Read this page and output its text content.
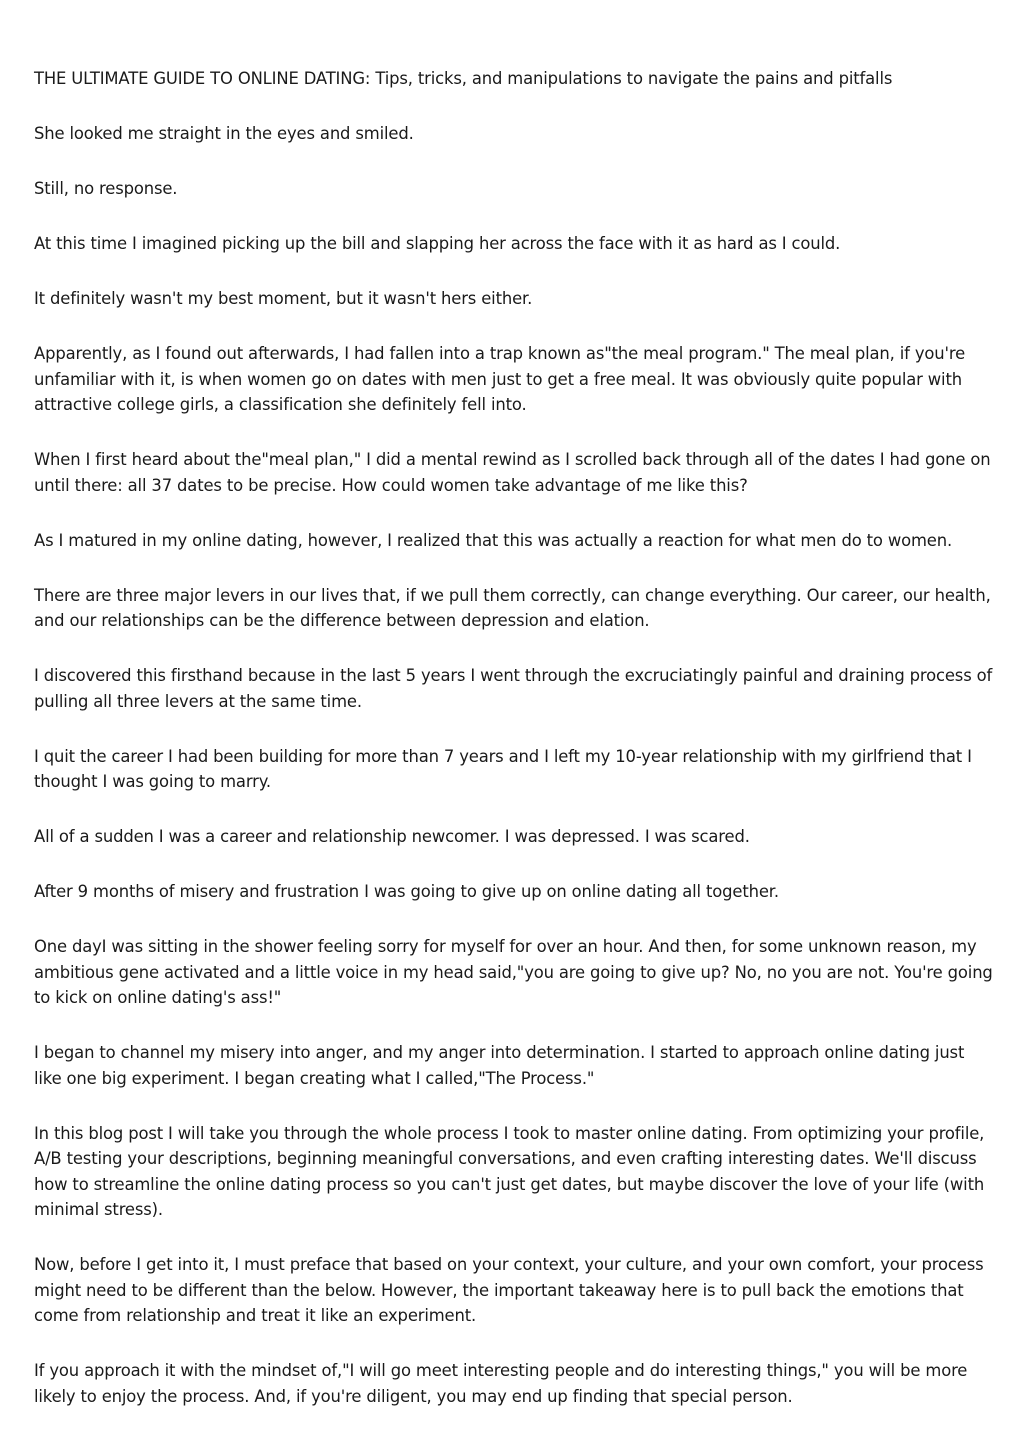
THE ULTIMATE GUIDE TO ONLINE DATING: Tips, tricks, and manipulations to navigate the pains and pitfalls

She looked me straight in the eyes and smiled.

Still, no response.

At this time I imagined picking up the bill and slapping her across the face with it as hard as I could.

It definitely wasn't my best moment, but it wasn't hers either.

Apparently, as I found out afterwards, I had fallen into a trap known as"the meal program." The meal plan, if you're unfamiliar with it, is when women go on dates with men just to get a free meal. It was obviously quite popular with attractive college girls, a classification she definitely fell into.

When I first heard about the"meal plan," I did a mental rewind as I scrolled back through all of the dates I had gone on until there: all 37 dates to be precise. How could women take advantage of me like this?

As I matured in my online dating, however, I realized that this was actually a reaction for what men do to women.

There are three major levers in our lives that, if we pull them correctly, can change everything. Our career, our health, and our relationships can be the difference between depression and elation.

I discovered this firsthand because in the last 5 years I went through the excruciatingly painful and draining process of pulling all three levers at the same time.

I quit the career I had been building for more than 7 years and I left my 10-year relationship with my girlfriend that I thought I was going to marry.

All of a sudden I was a career and relationship newcomer. I was depressed. I was scared.

After 9 months of misery and frustration I was going to give up on online dating all together.

One dayI was sitting in the shower feeling sorry for myself for over an hour. And then, for some unknown reason, my ambitious gene activated and a little voice in my head said,"you are going to give up? No, no you are not. You're going to kick on online dating's ass!"

I began to channel my misery into anger, and my anger into determination. I started to approach online dating just like one big experiment. I began creating what I called,"The Process."

In this blog post I will take you through the whole process I took to master online dating. From optimizing your profile, A/B testing your descriptions, beginning meaningful conversations, and even crafting interesting dates. We'll discuss how to streamline the online dating process so you can't just get dates, but maybe discover the love of your life (with minimal stress).

Now, before I get into it, I must preface that based on your context, your culture, and your own comfort, your process might need to be different than the below. However, the important takeaway here is to pull back the emotions that come from relationship and treat it like an experiment.

If you approach it with the mindset of,"I will go meet interesting people and do interesting things," you will be more likely to enjoy the process. And, if you're diligent, you may end up finding that special person.
